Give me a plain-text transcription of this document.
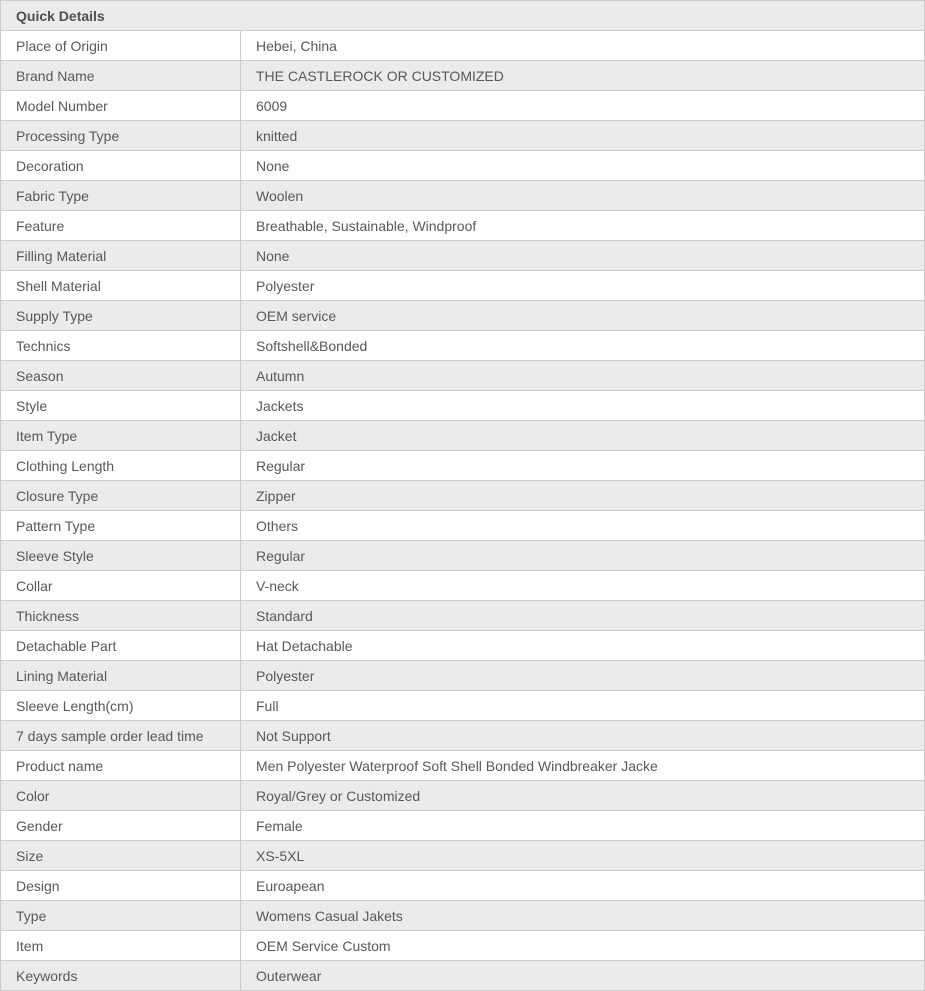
Quick Details
Place of Origin	Hebei, China
Brand Name	THE CASTLEROCK OR CUSTOMIZED
Model Number	6009
Processing Type	knitted
Decoration	None
Fabric Type	Woolen
Feature	Breathable, Sustainable, Windproof
Filling Material	None
Shell Material	Polyester
Supply Type	OEM service
Technics	Softshell&Bonded
Season	Autumn
Style	Jackets
Item Type	Jacket
Clothing Length	Regular
Closure Type	Zipper
Pattern Type	Others
Sleeve Style	Regular
Collar	V-neck
Thickness	Standard
Detachable Part	Hat Detachable
Lining Material	Polyester
Sleeve Length(cm)	Full
7 days sample order lead time	Not Support
Product name	Men Polyester Waterproof Soft Shell Bonded Windbreaker Jacke
Color	Royal/Grey or Customized
Gender	Female
Size	XS-5XL
Design	Euroapean
Type	Womens Casual Jakets
Item	OEM Service Custom
Keywords	Outerwear
